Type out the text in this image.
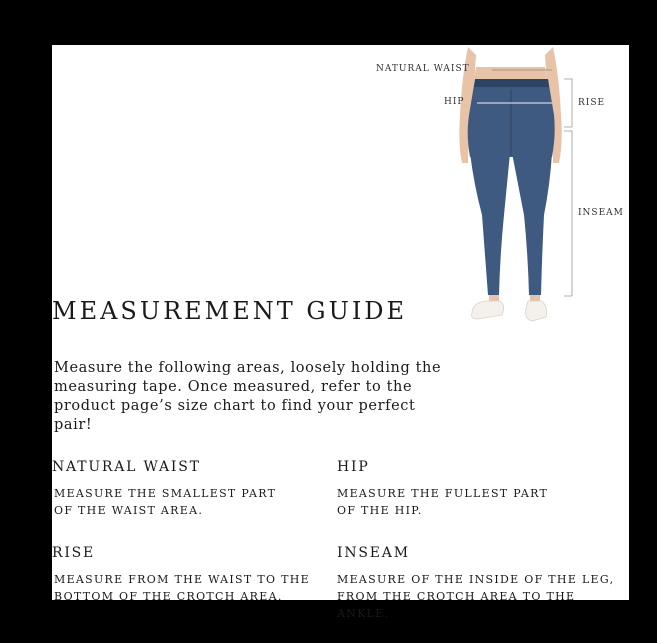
NATURAL WAIST
HIP	RISE
INSEAM
MEASUREMENT GUIDE

Measure the following areas, loosely holding the measuring tape. Once measured, refer to the product page’s size chart to find your perfect pair!

NATURAL WAIST

MEASURE THE SMALLEST PART
OF THE WAIST AREA.

HIP

MEASURE THE FULLEST PART
OF THE HIP.

RISE

MEASURE FROM THE WAIST TO THE
BOTTOM OF THE CROTCH AREA.

INSEAM

MEASURE OF THE INSIDE OF THE LEG,
FROM THE CROTCH AREA TO THE ANKLE.
